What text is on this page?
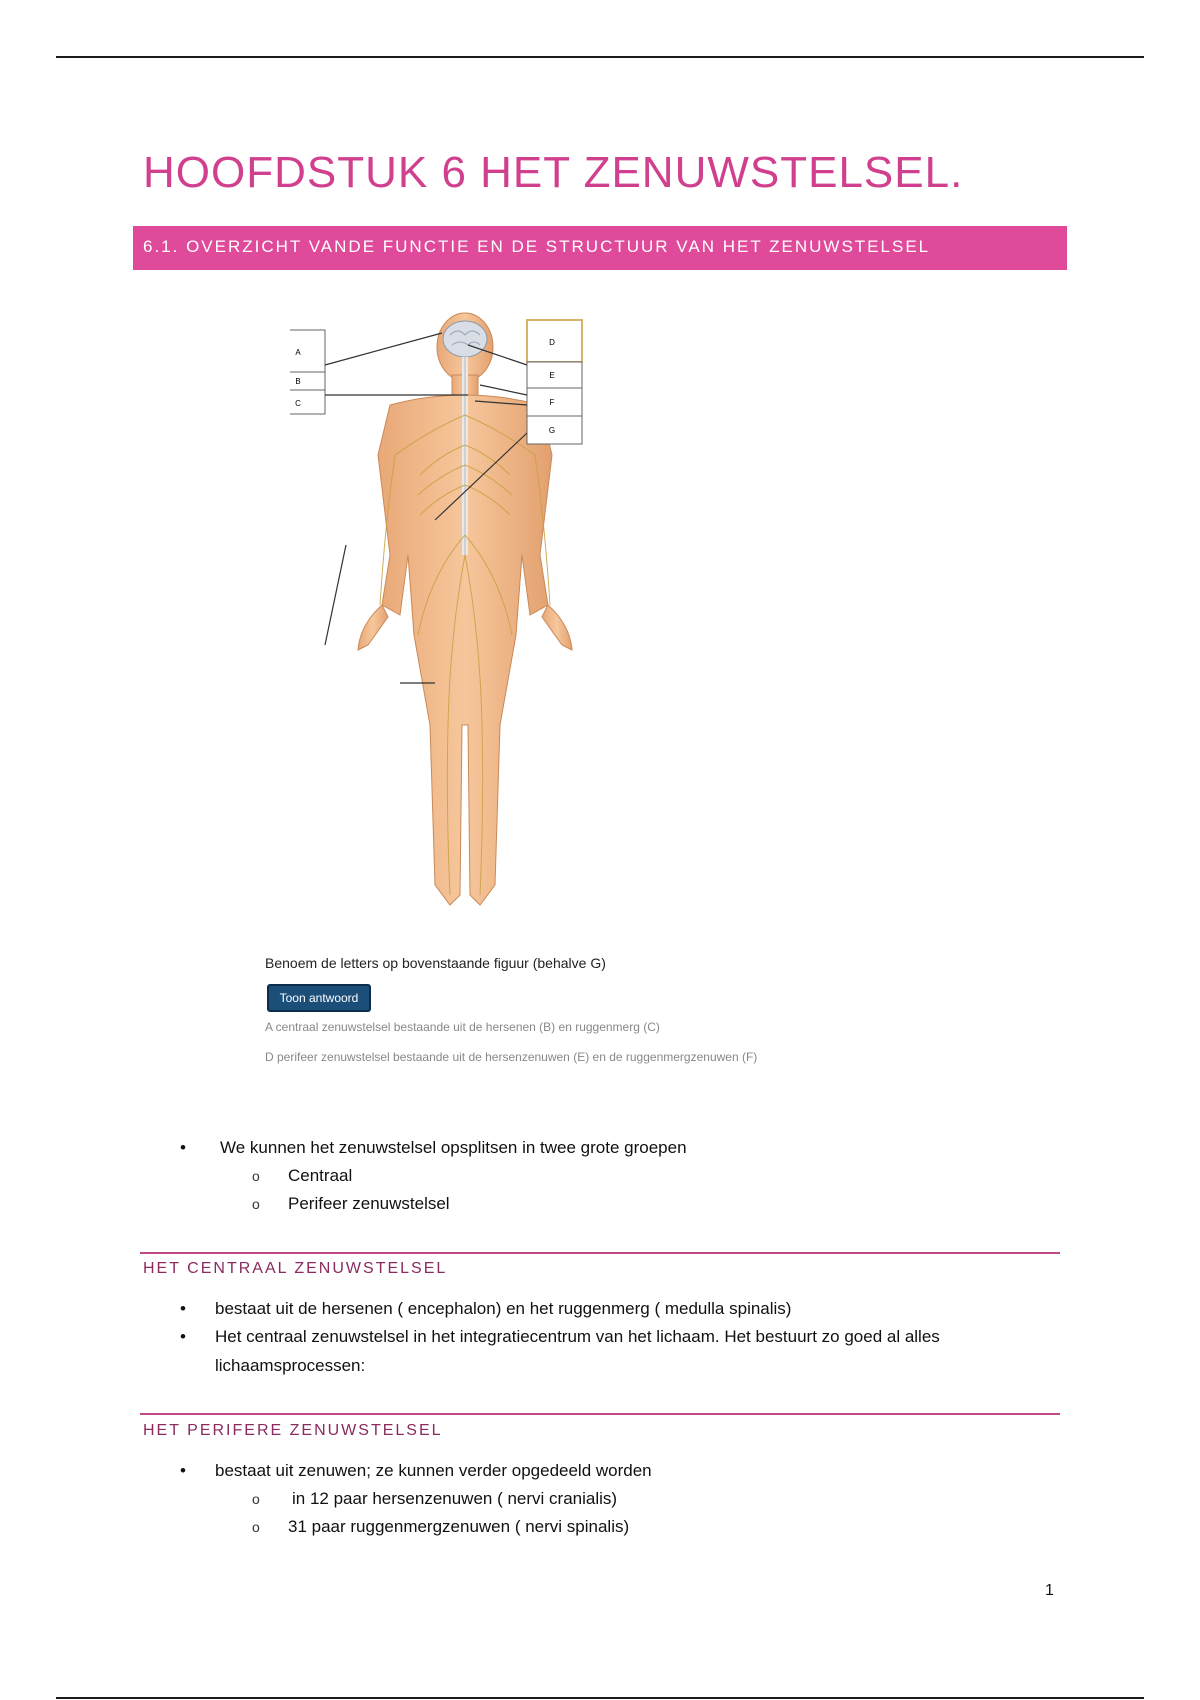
HOOFDSTUK 6 HET ZENUWSTELSEL.
6.1. OVERZICHT VANDE FUNCTIE EN DE STRUCTUUR VAN HET ZENUWSTELSEL
A
B
C
D
E
F
G
Benoem de letters op bovenstaande figuur (behalve G)
Toon antwoord
A centraal zenuwstelsel bestaande uit de hersenen (B) en ruggenmerg (C)
D perifeer zenuwstelsel bestaande uit de hersenzenuwen (E) en de ruggenmergzenuwen (F)
• We kunnen het zenuwstelsel opsplitsen in twee grote groepen
o Centraal
o Perifeer zenuwstelsel
HET CENTRAAL ZENUWSTELSEL
• bestaat uit de hersenen ( encephalon) en het ruggenmerg ( medulla spinalis)
• Het centraal zenuwstelsel in het integratiecentrum van het lichaam. Het bestuurt zo goed al alles
lichaamsprocessen:
HET PERIFERE ZENUWSTELSEL
• bestaat uit zenuwen; ze kunnen verder opgedeeld worden
o in 12 paar hersenzenuwen ( nervi cranialis)
o 31 paar ruggenmergzenuwen ( nervi spinalis)
1
